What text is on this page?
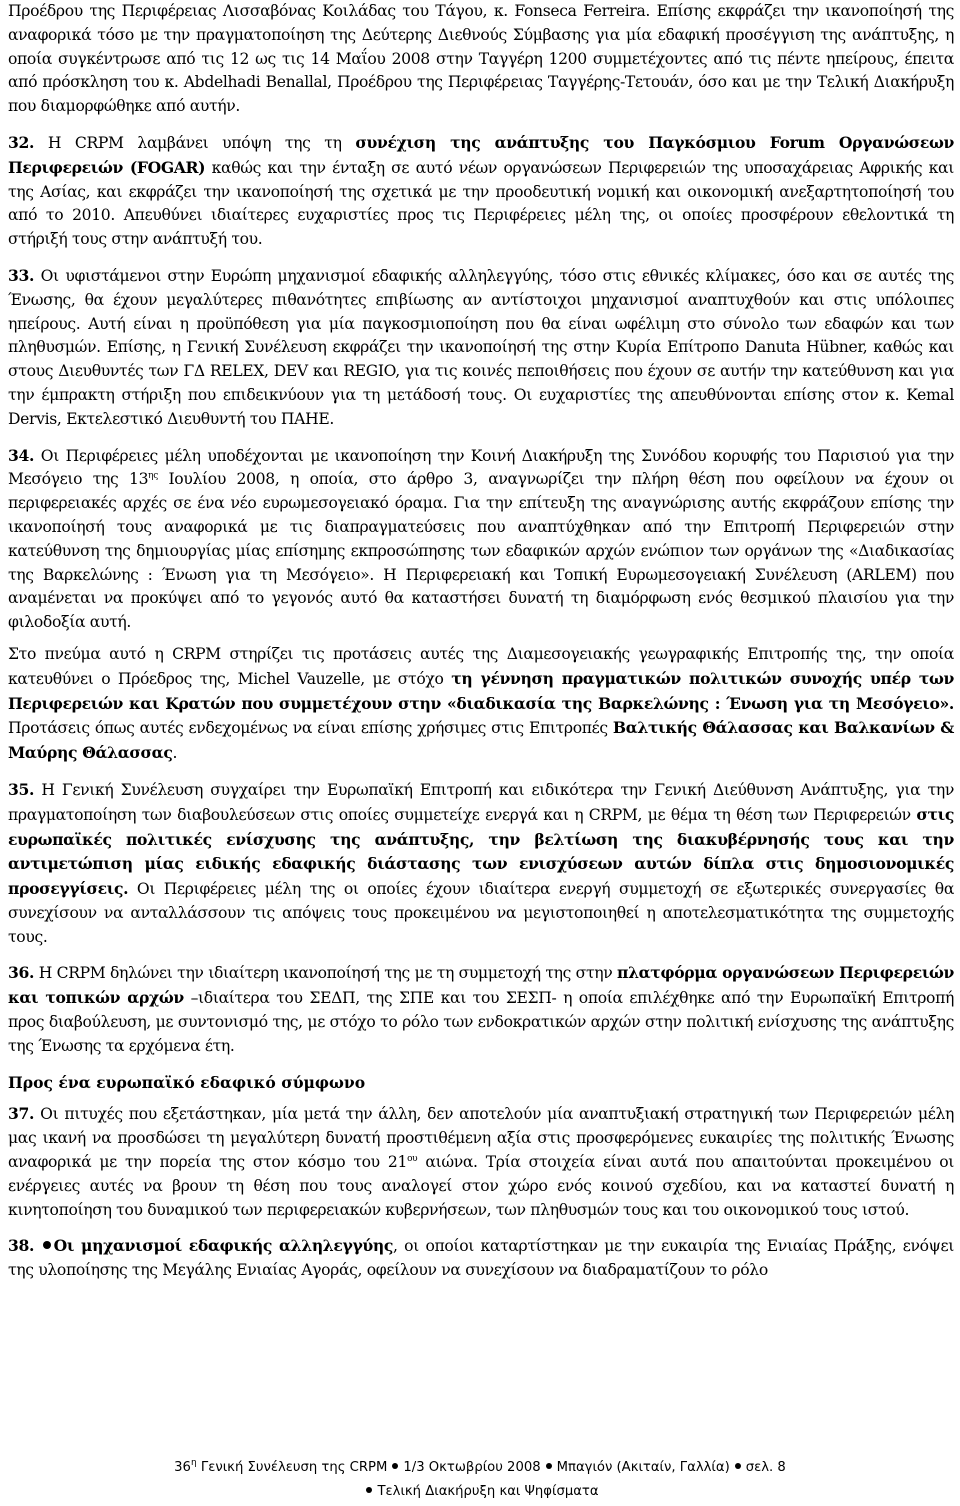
Προέδρου της Περιφέρειας Λισσαβόνας Κοιλάδας του Τάγου, κ. Fonseca Ferreira. Επίσης εκφράζει την ικανοποίησή της αναφορικά τόσο με την πραγματοποίηση της Δεύτερης Διεθνούς Σύμβασης για μία εδαφική προσέγγιση της ανάπτυξης, η οποία συγκέντρωσε από τις 12 ως τις 14 Μαΐου 2008 στην Ταγγέρη 1200 συμμετέχοντες από τις πέντε ηπείρους, έπειτα από πρόσκληση του κ. Abdelhadi Benallal, Προέδρου της Περιφέρειας Ταγγέρης-Τετουάν, όσο και με την Τελική Διακήρυξη που διαμορφώθηκε από αυτήν.

32. Η CRPM λαμβάνει υπόψη της τη συνέχιση της ανάπτυξης του Παγκόσμιου Forum Οργανώσεων Περιφερειών (FOGAR) καθώς και την ένταξη σε αυτό νέων οργανώσεων Περιφερειών της υποσαχάρειας Αφρικής και της Ασίας, και εκφράζει την ικανοποίησή της σχετικά με την προοδευτική νομική και οικονομική ανεξαρτητοποίησή του από το 2010. Απευθύνει ιδιαίτερες ευχαριστίες προς τις Περιφέρειες μέλη της, οι οποίες προσφέρουν εθελοντικά τη στήριξή τους στην ανάπτυξή του.

33. Οι υφιστάμενοι στην Ευρώπη μηχανισμοί εδαφικής αλληλεγγύης, τόσο στις εθνικές κλίμακες, όσο και σε αυτές της Ένωσης, θα έχουν μεγαλύτερες πιθανότητες επιβίωσης αν αντίστοιχοι μηχανισμοί αναπτυχθούν και στις υπόλοιπες ηπείρους. Αυτή είναι η προϋπόθεση για μία παγκοσμιοποίηση που θα είναι ωφέλιμη στο σύνολο των εδαφών και των πληθυσμών. Επίσης, η Γενική Συνέλευση εκφράζει την ικανοποίησή της στην Κυρία Επίτροπο Danuta Hübner, καθώς και στους Διευθυντές των ΓΔ RELEX, DEV και REGIO, για τις κοινές πεποιθήσεις που έχουν σε αυτήν την κατεύθυνση και για την έμπρακτη στήριξη που επιδεικνύουν για τη μετάδοσή τους. Οι ευχαριστίες της απευθύνονται επίσης στον κ. Kemal Dervis, Εκτελεστικό Διευθυντή του ΠΑΗΕ.

34. Οι Περιφέρειες μέλη υποδέχονται με ικανοποίηση την Κοινή Διακήρυξη της Συνόδου κορυφής του Παρισιού για την Μεσόγειο της $13^{\eta\varsigma}$ Ιουλίου 2008, η οποία, στο άρθρο 3, αναγνωρίζει την πλήρη θέση που οφείλουν να έχουν οι περιφερειακές αρχές σε ένα νέο ευρωμεσογειακό όραμα. Για την επίτευξη της αναγνώρισης αυτής εκφράζουν επίσης την ικανοποίησή τους αναφορικά με τις διαπραγματεύσεις που αναπτύχθηκαν από την Επιτροπή Περιφερειών στην κατεύθυνση της δημιουργίας μίας επίσημης εκπροσώπησης των εδαφικών αρχών ενώπιον των οργάνων της «Διαδικασίας της Βαρκελώνης : Ένωση για τη Μεσόγειο». Η Περιφερειακή και Τοπική Ευρωμεσογειακή Συνέλευση (ARLEM) που αναμένεται να προκύψει από το γεγονός αυτό θα καταστήσει δυνατή τη διαμόρφωση ενός θεσμικού πλαισίου για την φιλοδοξία αυτή.

Στο πνεύμα αυτό η CRPM στηρίζει τις προτάσεις αυτές της Διαμεσογειακής γεωγραφικής Επιτροπής της, την οποία κατευθύνει ο Πρόεδρος της, Michel Vauzelle, με στόχο τη γέννηση πραγματικών πολιτικών συνοχής υπέρ των Περιφερειών και Κρατών που συμμετέχουν στην «διαδικασία της Βαρκελώνης : Ένωση για τη Μεσόγειο». Προτάσεις όπως αυτές ενδεχομένως να είναι επίσης χρήσιμες στις Επιτροπές Βαλτικής Θάλασσας και Βαλκανίων & Μαύρης Θάλασσας.

35. Η Γενική Συνέλευση συγχαίρει την Ευρωπαϊκή Επιτροπή και ειδικότερα την Γενική Διεύθυνση Ανάπτυξης, για την πραγματοποίηση των διαβουλεύσεων στις οποίες συμμετείχε ενεργά και η CRPM, με θέμα τη θέση των Περιφερειών στις ευρωπαϊκές πολιτικές ενίσχυσης της ανάπτυξης, την βελτίωση της διακυβέρνησής τους και την αντιμετώπιση μίας ειδικής εδαφικής διάστασης των ενισχύσεων αυτών δίπλα στις δημοσιονομικές προσεγγίσεις. Οι Περιφέρειες μέλη της οι οποίες έχουν ιδιαίτερα ενεργή συμμετοχή σε εξωτερικές συνεργασίες θα συνεχίσουν να ανταλλάσσουν τις απόψεις τους προκειμένου να μεγιστοποιηθεί η αποτελεσματικότητα της συμμετοχής τους.

36. Η CRPM δηλώνει την ιδιαίτερη ικανοποίησή της με τη συμμετοχή της στην πλατφόρμα οργανώσεων Περιφερειών και τοπικών αρχών –ιδιαίτερα του ΣΕΔΠ, της ΣΠΕ και του ΣΕΣΠ- η οποία επιλέχθηκε από την Ευρωπαϊκή Επιτροπή προς διαβούλευση, με συντονισμό της, με στόχο το ρόλο των ενδοκρατικών αρχών στην πολιτική ενίσχυσης της ανάπτυξης της Ένωσης τα ερχόμενα έτη.

Προς ένα ευρωπαϊκό εδαφικό σύμφωνο

37. Οι πιτυχές που εξετάστηκαν, μία μετά την άλλη, δεν αποτελούν μία αναπτυξιακή στρατηγική των Περιφερειών μέλη μας ικανή να προσδώσει τη μεγαλύτερη δυνατή προστιθέμενη αξία στις προσφερόμενες ευκαιρίες της πολιτικής Ένωσης αναφορικά με την πορεία της στον κόσμο του $21^{o\upsilon}$ αιώνα. Τρία στοιχεία είναι αυτά που απαιτούνται προκειμένου οι ενέργειες αυτές να βρουν τη θέση που τους αναλογεί στον χώρο ενός κοινού σχεδίου, και να καταστεί δυνατή η κινητοποίηση του δυναμικού των περιφερειακών κυβερνήσεων, των πληθυσμών τους και του οικονομικού τους ιστού.

38. Οι μηχανισμοί εδαφικής αλληλεγγύης, οι οποίοι καταρτίστηκαν με την ευκαιρία της Ενιαίας Πράξης, ενόψει της υλοποίησης της Μεγάλης Ενιαίας Αγοράς, οφείλουν να συνεχίσουν να διαδραματίζουν το ρόλο

$36^\eta$ Γενική Συνέλευση της CRPM 1/3 Οκτωβρίου 2008 Μπαγιόν (Ακιταίν, Γαλλία) σελ. 8
Τελική Διακήρυξη και Ψηφίσματα
